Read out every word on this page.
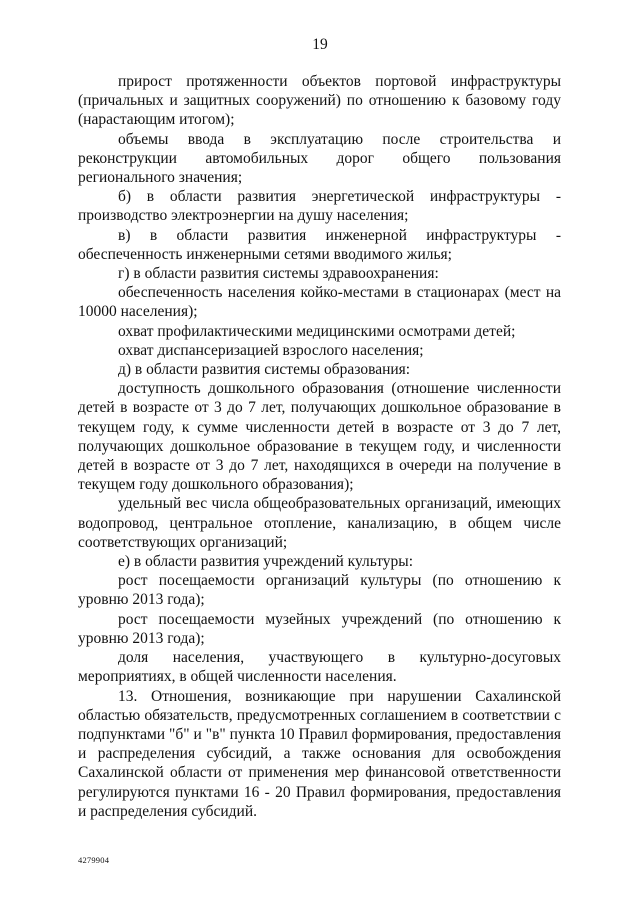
19

прирост протяженности объектов портовой инфраструктуры (причальных и защитных сооружений) по отношению к базовому году (нарастающим итогом);

объемы ввода в эксплуатацию после строительства и реконструкции автомобильных дорог общего пользования регионального значения;

б) в области развития энергетической инфраструктуры - производство электроэнергии на душу населения;

в) в области развития инженерной инфраструктуры - обеспеченность инженерными сетями вводимого жилья;

г) в области развития системы здравоохранения:

обеспеченность населения койко-местами в стационарах (мест на 10000 населения);

охват профилактическими медицинскими осмотрами детей;

охват диспансеризацией взрослого населения;

д) в области развития системы образования:

доступность дошкольного образования (отношение численности детей в возрасте от 3 до 7 лет, получающих дошкольное образование в текущем году, к сумме численности детей в возрасте от 3 до 7 лет, получающих дошкольное образование в текущем году, и численности детей в возрасте от 3 до 7 лет, находящихся в очереди на получение в текущем году дошкольного образования);

удельный вес числа общеобразовательных организаций, имеющих водопровод, центральное отопление, канализацию, в общем числе соответствующих организаций;

е) в области развития учреждений культуры:

рост посещаемости организаций культуры (по отношению к уровню 2013 года);

рост посещаемости музейных учреждений (по отношению к уровню 2013 года);

доля населения, участвующего в культурно-досуговых мероприятиях, в общей численности населения.

13. Отношения, возникающие при нарушении Сахалинской областью обязательств, предусмотренных соглашением в соответствии с подпунктами "б" и "в" пункта 10 Правил формирования, предоставления и распределения субсидий, а также основания для освобождения Сахалинской области от применения мер финансовой ответственности регулируются пунктами 16 - 20 Правил формирования, предоставления и распределения субсидий.

4279904
